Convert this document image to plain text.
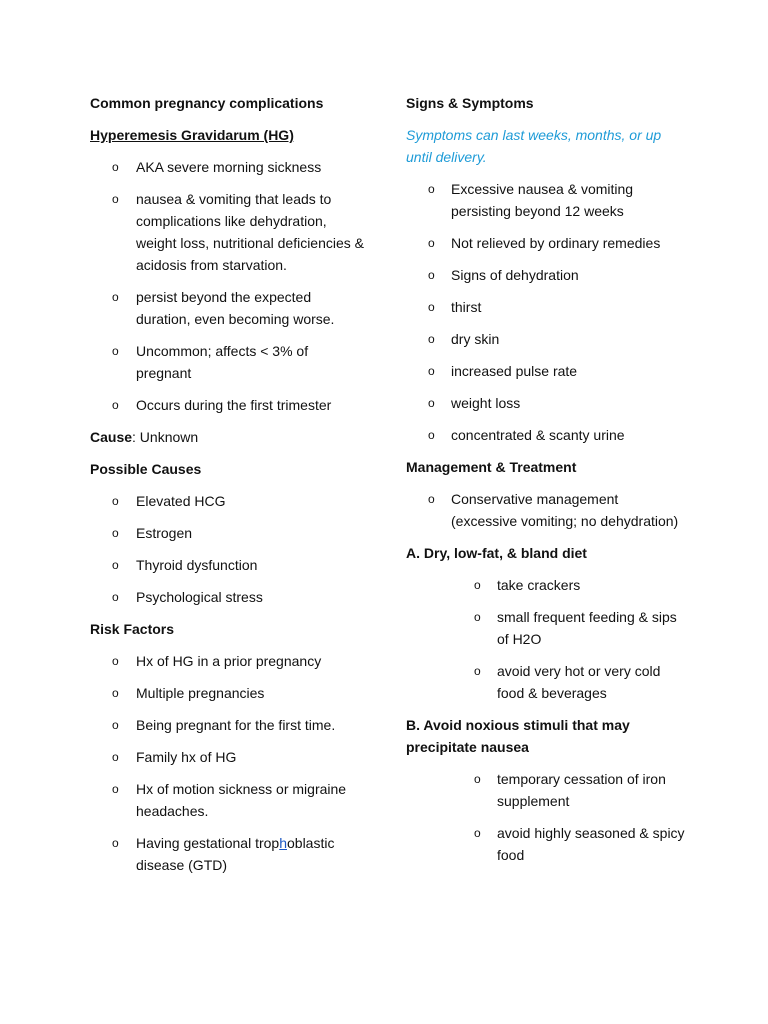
Common pregnancy complications

Hyperemesis Gravidarum (HG)

o AKA severe morning sickness
o nausea & vomiting that leads to complications like dehydration, weight loss, nutritional deficiencies & acidosis from starvation.
o persist beyond the expected duration, even becoming worse.
o Uncommon; affects < 3% of pregnant
o Occurs during the first trimester

Cause: Unknown

Possible Causes

o Elevated HCG
o Estrogen
o Thyroid dysfunction
o Psychological stress

Risk Factors

o Hx of HG in a prior pregnancy
o Multiple pregnancies
o Being pregnant for the first time.
o Family hx of HG
o Hx of motion sickness or migraine headaches.
o Having gestational trophoblastic disease (GTD)

Signs & Symptoms

Symptoms can last weeks, months, or up until delivery.

o Excessive nausea & vomiting persisting beyond 12 weeks
o Not relieved by ordinary remedies
o Signs of dehydration
o thirst
o dry skin
o increased pulse rate
o weight loss
o concentrated & scanty urine

Management & Treatment

o Conservative management (excessive vomiting; no dehydration)

A. Dry, low-fat, & bland diet

o take crackers
o small frequent feeding & sips of H2O
o avoid very hot or very cold food & beverages

B. Avoid noxious stimuli that may precipitate nausea

o temporary cessation of iron supplement
o avoid highly seasoned & spicy food
